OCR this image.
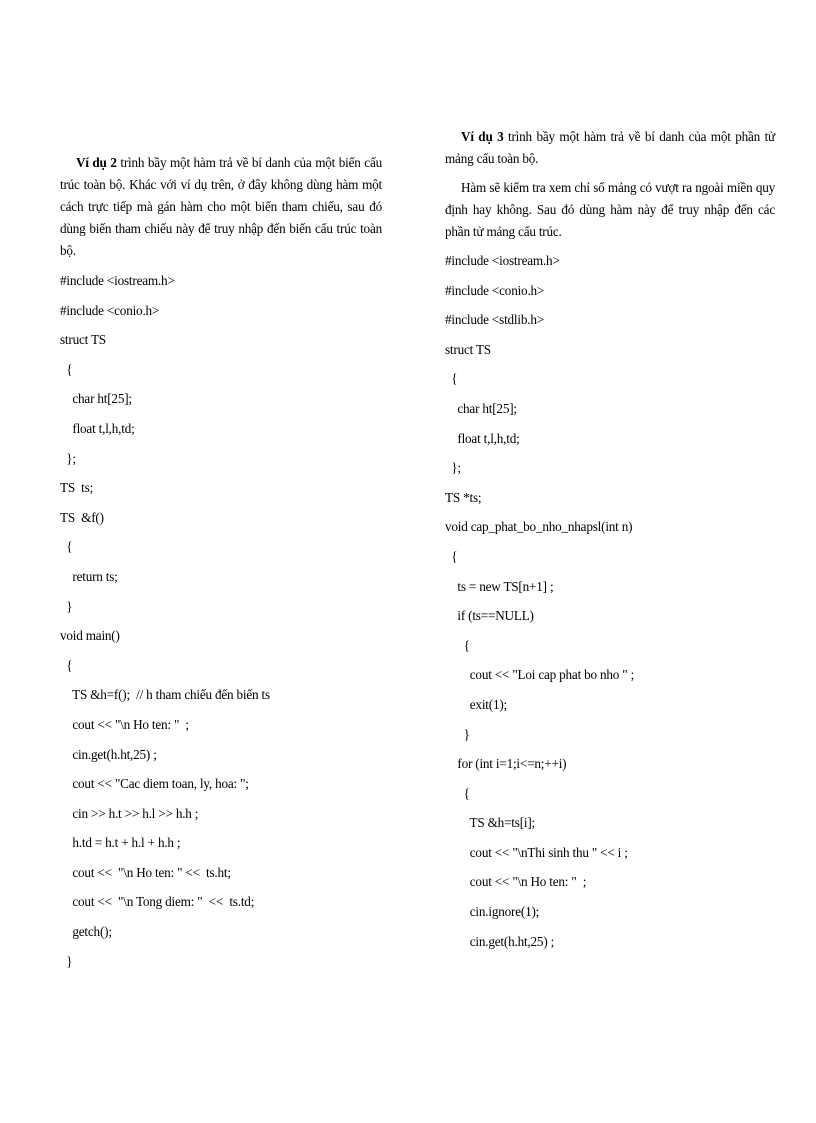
Ví dụ 2 trình bầy một hàm trả về bí danh của một biến cấu trúc toàn bộ. Khác với ví dụ trên, ở đây không dùng hàm một cách trực tiếp mà gán hàm cho một biến tham chiếu, sau đó dùng biến tham chiếu này để truy nhập đến biến cấu trúc toàn bộ.

#include <iostream.h>
#include <conio.h>
struct TS
{
char ht[25];
float t,l,h,td;
};
TS  ts;
TS  &f()
{
return ts;
}
void main()
{
TS &h=f();  // h tham chiếu đến biến ts
cout << "\n Ho ten: "  ;
cin.get(h.ht,25) ;
cout << "Cac diem toan, ly, hoa: ";
cin >> h.t >> h.l >> h.h ;
h.td = h.t + h.l + h.h ;
cout <<  "\n Ho ten: " <<  ts.ht;
cout <<  "\n Tong diem: "  <<  ts.td;
getch();
}

Ví dụ 3 trình bầy một hàm trả về bí danh của một phần tử mảng cấu toàn bộ.

Hàm sẽ kiểm tra xem chỉ số mảng có vượt ra ngoài miền quy định hay không. Sau đó dùng hàm này để truy nhập đến các phần tử mảng cấu trúc.

#include <iostream.h>
#include <conio.h>
#include <stdlib.h>
struct TS
{
char ht[25];
float t,l,h,td;
};
TS *ts;
void cap_phat_bo_nho_nhapsl(int n)
{
ts = new TS[n+1] ;
if (ts==NULL)
{
cout << "Loi cap phat bo nho " ;
exit(1);
}
for (int i=1;i<=n;++i)
{
TS &h=ts[i];
cout << "\nThi sinh thu " << i ;
cout << "\n Ho ten: "  ;
cin.ignore(1);
cin.get(h.ht,25) ;
